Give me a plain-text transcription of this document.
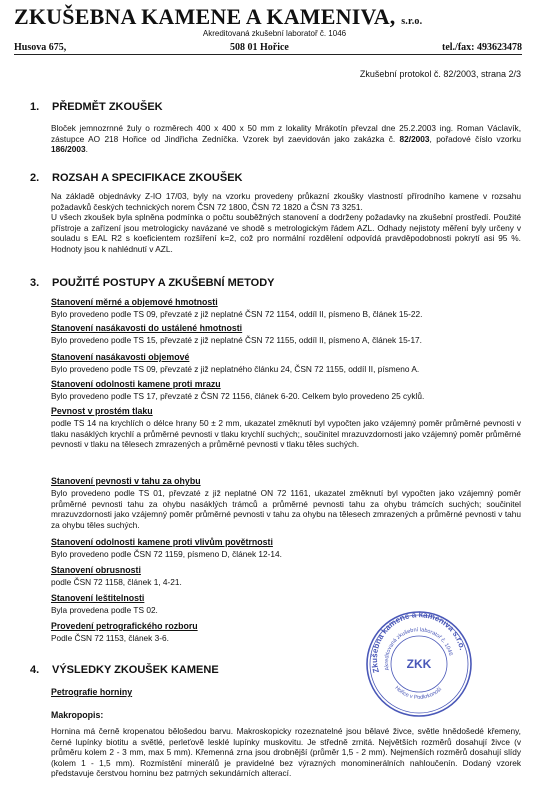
ZKUŠEBNA KAMENE A KAMENIVA, s.r.o.
Akreditovaná zkušební laboratoř č. 1046
Husova 675,	508 01 Hořice	tel./fax: 493623478
Zkušební protokol č. 82/2003, strana 2/3
1. PŘEDMĚT ZKOUŠEK
Bloček jemnozrnné žuly o rozměrech 400 x 400 x 50 mm z lokality Mrákotín převzal dne 25.2.2003 ing. Roman Václavík, zástupce AO 218 Hořice od Jindřicha Zedníčka. Vzorek byl zaevidován jako zakázka č. 82/2003, pořadové číslo vzorku 186/2003.
2. ROZSAH A SPECIFIKACE ZKOUŠEK
Na základě objednávky Z-IO 17/03, byly na vzorku provedeny průkazní zkoušky vlastností přírodního kamene v rozsahu požadavků českých technických norem ČSN 72 1800, ČSN 72 1820 a ČSN 73 3251.
U všech zkoušek byla splněna podmínka o počtu souběžných stanovení a dodrženy požadavky na zkušební prostředí. Použité přístroje a zařízení jsou metrologicky navázané ve shodě s metrologickým řádem AZL. Odhady nejistoty měření byly určeny v souladu s EAL R2 s koeficientem rozšíření k=2, což pro normální rozdělení odpovídá pravděpodobnosti pokrytí asi 95 %. Hodnoty jsou k nahlédnutí v AZL.
3. POUŽITÉ POSTUPY A ZKUŠEBNÍ METODY
Stanovení měrné a objemové hmotnosti
Bylo provedeno podle TS 09, převzaté z již neplatné ČSN 72 1154, oddíl II, písmeno B, článek 15-22.
Stanovení nasákavosti do ustálené hmotnosti
Bylo provedeno podle TS 15, převzaté z již neplatné ČSN 72 1155, oddíl II, písmeno A, článek 15-17.
Stanovení nasákavosti objemové
Bylo provedeno podle TS 09, převzaté z již neplatného článku 24, ČSN 72 1155, oddíl II, písmeno A.
Stanovení odolnosti kamene proti mrazu
Bylo provedeno podle TS 17, převzaté z ČSN 72 1156, článek 6-20. Celkem bylo provedeno 25 cyklů.
Pevnost v prostém tlaku
podle TS 14 na krychlích o délce hrany 50 ± 2 mm, ukazatel změknutí byl vypočten jako vzájemný poměr průměrné pevnosti v tlaku nasáklých krychlí a průměrné pevnosti v tlaku krychlí suchých;, součinitel mrazuvzdornosti jako vzájemný poměr průměrné pevnosti v tlaku na tělesech zmrazených a průměrné pevnosti v tlaku těles suchých.
Stanovení pevnosti v tahu za ohybu
Bylo provedeno podle TS 01, převzaté z již neplatné ON 72 1161, ukazatel změknutí byl vypočten jako vzájemný poměr průměrné pevnosti tahu za ohybu nasáklých trámců a průměrné pevnosti tahu za ohybu trámcích suchých; součinitel mrazuvzdornosti jako vzájemný poměr průměrné pevnosti v tahu za ohybu na tělesech zmrazených a průměrné pevnosti v tahu za ohybu těles suchých.
Stanovení odolnosti kamene proti vlivům povětrnosti
Bylo provedeno podle ČSN 72 1159, písmeno D, článek 12-14.
Stanovení obrusnosti
podle ČSN 72 1158, článek 1, 4-21.
Stanovení leštitelnosti
Byla provedena podle TS 02.
Provedení petrografického rozboru
Podle ČSN 72 1153, článek 3-6.
4. VÝSLEDKY ZKOUŠEK KAMENE
Petrografie horniny
Makropopis:
Hornina má černě kropenatou bělošedou barvu. Makroskopicky rozeznatelné jsou bělavé živce, světle hnědošedé křemeny, černé lupínky biotitu a světlé, perleťově lesklé lupínky muskovitu. Je středně zrnitá. Největších rozměrů dosahují živce (v průměru kolem 2 - 3 mm, max 5 mm). Křemenná zrna jsou drobnější (průměr 1,5 - 2 mm). Nejmenších rozměrů dosahují slídy (kolem 1 - 1,5 mm). Rozmístění minerálů je pravidelné bez výrazných monominerálních nahloučenín. Dodaný vzorek představuje čerstvou horninu bez patrných sekundárních alterací.
Zkušebna kamene a kameniva s.r.o.
Akreditovaná zkušební laboratoř č. 1046
ZKK
Hořice v Podkrkonoší
